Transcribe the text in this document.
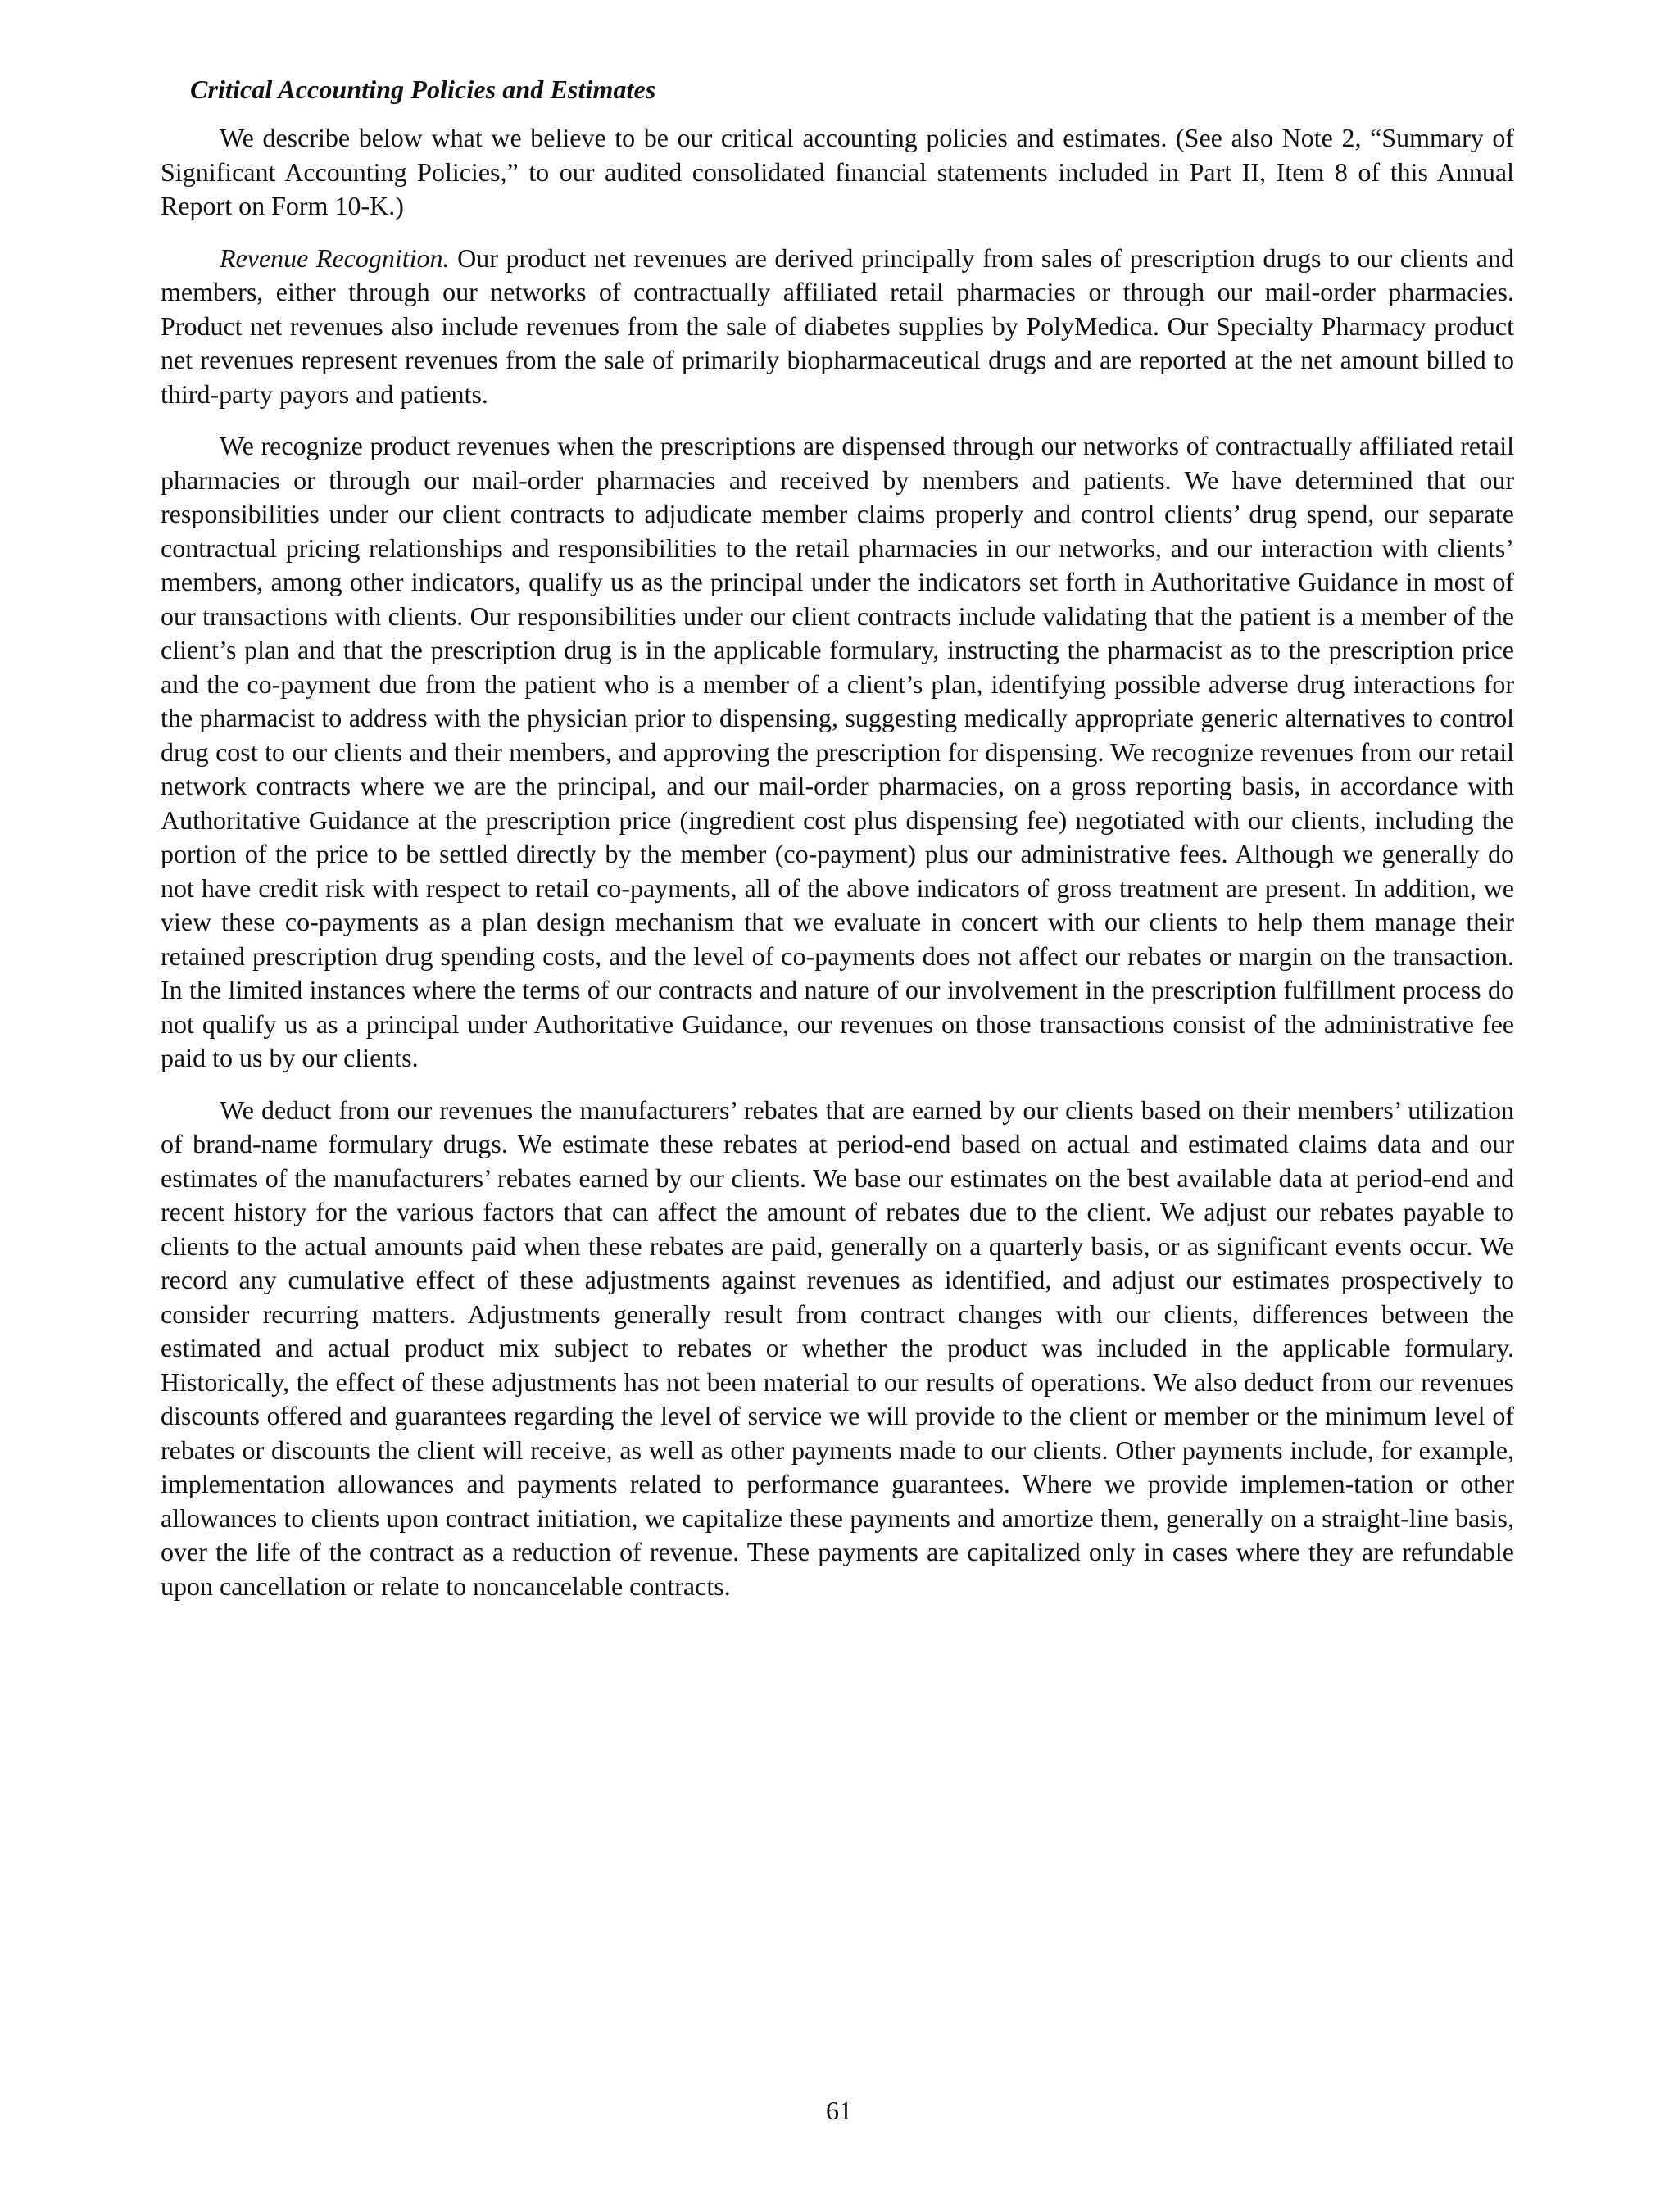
Critical Accounting Policies and Estimates

We describe below what we believe to be our critical accounting policies and estimates. (See also Note 2, “Summary of Significant Accounting Policies,” to our audited consolidated financial statements included in Part II, Item 8 of this Annual Report on Form 10-K.)

Revenue Recognition. Our product net revenues are derived principally from sales of prescription drugs to our clients and members, either through our networks of contractually affiliated retail pharmacies or through our mail-order pharmacies. Product net revenues also include revenues from the sale of diabetes supplies by PolyMedica. Our Specialty Pharmacy product net revenues represent revenues from the sale of primarily biopharmaceutical drugs and are reported at the net amount billed to third-party payors and patients.

We recognize product revenues when the prescriptions are dispensed through our networks of contractually affiliated retail pharmacies or through our mail-order pharmacies and received by members and patients. We have determined that our responsibilities under our client contracts to adjudicate member claims properly and control clients’ drug spend, our separate contractual pricing relationships and responsibilities to the retail pharmacies in our networks, and our interaction with clients’ members, among other indicators, qualify us as the principal under the indicators set forth in Authoritative Guidance in most of our transactions with clients. Our responsibilities under our client contracts include validating that the patient is a member of the client’s plan and that the prescription drug is in the applicable formulary, instructing the pharmacist as to the prescription price and the co-payment due from the patient who is a member of a client’s plan, identifying possible adverse drug interactions for the pharmacist to address with the physician prior to dispensing, suggesting medically appropriate generic alternatives to control drug cost to our clients and their members, and approving the prescription for dispensing. We recognize revenues from our retail network contracts where we are the principal, and our mail-order pharmacies, on a gross reporting basis, in accordance with Authoritative Guidance at the prescription price (ingredient cost plus dispensing fee) negotiated with our clients, including the portion of the price to be settled directly by the member (co-payment) plus our administrative fees. Although we generally do not have credit risk with respect to retail co-payments, all of the above indicators of gross treatment are present. In addition, we view these co-payments as a plan design mechanism that we evaluate in concert with our clients to help them manage their retained prescription drug spending costs, and the level of co-payments does not affect our rebates or margin on the transaction. In the limited instances where the terms of our contracts and nature of our involvement in the prescription fulfillment process do not qualify us as a principal under Authoritative Guidance, our revenues on those transactions consist of the administrative fee paid to us by our clients.

We deduct from our revenues the manufacturers’ rebates that are earned by our clients based on their members’ utilization of brand-name formulary drugs. We estimate these rebates at period-end based on actual and estimated claims data and our estimates of the manufacturers’ rebates earned by our clients. We base our estimates on the best available data at period-end and recent history for the various factors that can affect the amount of rebates due to the client. We adjust our rebates payable to clients to the actual amounts paid when these rebates are paid, generally on a quarterly basis, or as significant events occur. We record any cumulative effect of these adjustments against revenues as identified, and adjust our estimates prospectively to consider recurring matters. Adjustments generally result from contract changes with our clients, differences between the estimated and actual product mix subject to rebates or whether the product was included in the applicable formulary. Historically, the effect of these adjustments has not been material to our results of operations. We also deduct from our revenues discounts offered and guarantees regarding the level of service we will provide to the client or member or the minimum level of rebates or discounts the client will receive, as well as other payments made to our clients. Other payments include, for example, implementation allowances and payments related to performance guarantees. Where we provide implemen-tation or other allowances to clients upon contract initiation, we capitalize these payments and amortize them, generally on a straight-line basis, over the life of the contract as a reduction of revenue. These payments are capitalized only in cases where they are refundable upon cancellation or relate to noncancelable contracts.

61
